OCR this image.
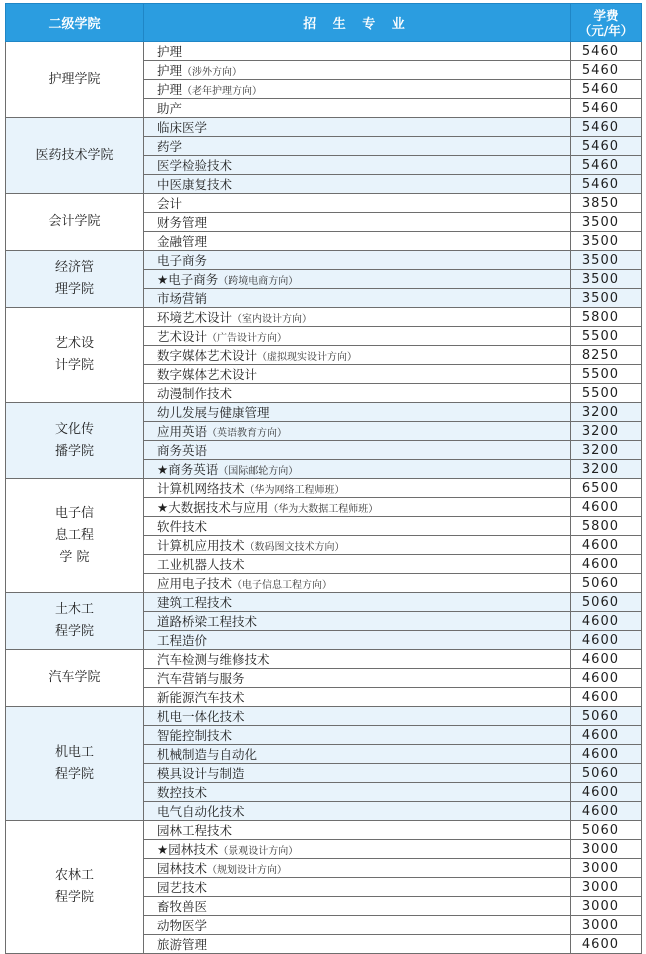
二级学院	招 生 专 业	学费
（元/年）

护理学院	护理	5460
	护理（涉外方向）	5460
	护理（老年护理方向）	5460
	助产	5460

医药技术学院	临床医学	5460
	药学	5460
	医学检验技术	5460
	中医康复技术	5460

会计学院	会计	3850
	财务管理	3500
	金融管理	3500

经济管
理学院	电子商务	3500
	★电子商务（跨境电商方向）	3500
	市场营销	3500

艺术设
计学院	环境艺术设计（室内设计方向）	5800
	艺术设计（广告设计方向）	5500
	数字媒体艺术设计（虚拟现实设计方向）	8250
	数字媒体艺术设计	5500
	动漫制作技术	5500

文化传
播学院	幼儿发展与健康管理	3200
	应用英语（英语教育方向）	3200
	商务英语	3200
	★商务英语（国际邮轮方向）	3200

电子信
息工程
学 院	计算机网络技术（华为网络工程师班）	6500
	★大数据技术与应用（华为大数据工程师班）	4600
	软件技术	5800
	计算机应用技术（数码图文技术方向）	4600
	工业机器人技术	4600
	应用电子技术（电子信息工程方向）	5060

土木工
程学院	建筑工程技术	5060
	道路桥梁工程技术	4600
	工程造价	4600

汽车学院	汽车检测与维修技术	4600
	汽车营销与服务	4600
	新能源汽车技术	4600

机电工
程学院	机电一体化技术	5060
	智能控制技术	4600
	机械制造与自动化	4600
	模具设计与制造	5060
	数控技术	4600
	电气自动化技术	4600

农林工
程学院	园林工程技术	5060
	★园林技术（景观设计方向）	3000
	园林技术（规划设计方向）	3000
	园艺技术	3000
	畜牧兽医	3000
	动物医学	3000
	旅游管理	4600
